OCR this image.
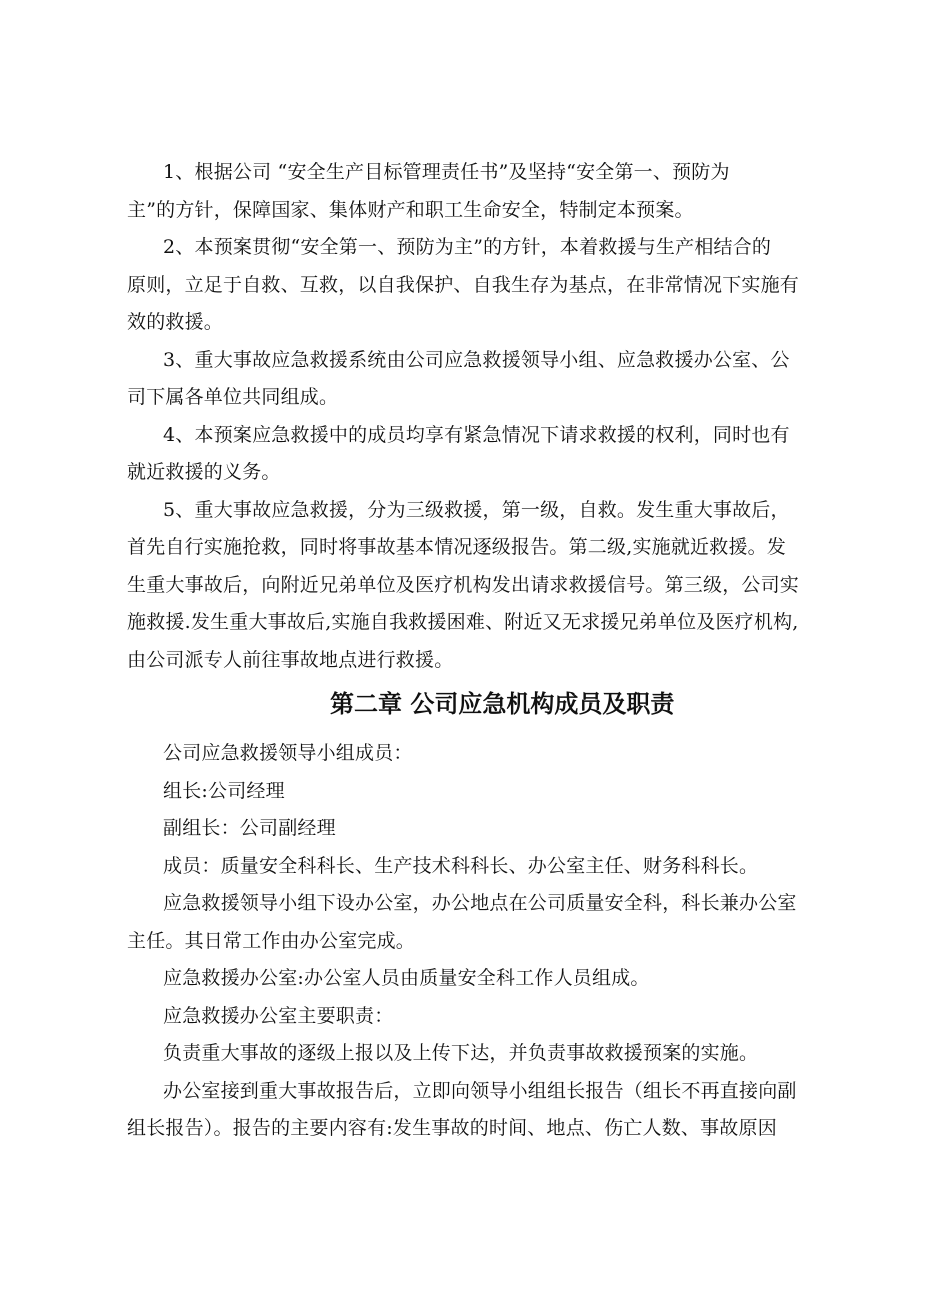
1、根据公司 “安全生产目标管理责任书”及坚持“安全第一、预防为

主”的方针，保障国家、集体财产和职工生命安全，特制定本预案。

2、本预案贯彻“安全第一、预防为主”的方针，本着救援与生产相结合的

原则，立足于自救、互救，以自我保护、自我生存为基点，在非常情况下实施有

效的救援。

3、重大事故应急救援系统由公司应急救援领导小组、应急救援办公室、公

司下属各单位共同组成。

4、本预案应急救援中的成员均享有紧急情况下请求救援的权利，同时也有

就近救援的义务。

5、重大事故应急救援，分为三级救援，第一级，自救。发生重大事故后，

首先自行实施抢救，同时将事故基本情况逐级报告。第二级,实施就近救援。发

生重大事故后，向附近兄弟单位及医疗机构发出请求救援信号。第三级，公司实

施救援.发生重大事故后,实施自我救援困难、附近又无求援兄弟单位及医疗机构,

由公司派专人前往事故地点进行救援。

第二章 公司应急机构成员及职责

公司应急救援领导小组成员：

组长:公司经理

副组长：公司副经理

成员：质量安全科科长、生产技术科科长、办公室主任、财务科科长。

应急救援领导小组下设办公室，办公地点在公司质量安全科，科长兼办公室

主任。其日常工作由办公室完成。

应急救援办公室:办公室人员由质量安全科工作人员组成。

应急救援办公室主要职责：

负责重大事故的逐级上报以及上传下达，并负责事故救援预案的实施。

办公室接到重大事故报告后，立即向领导小组组长报告（组长不再直接向副

组长报告）。报告的主要内容有:发生事故的时间、地点、伤亡人数、事故原因
